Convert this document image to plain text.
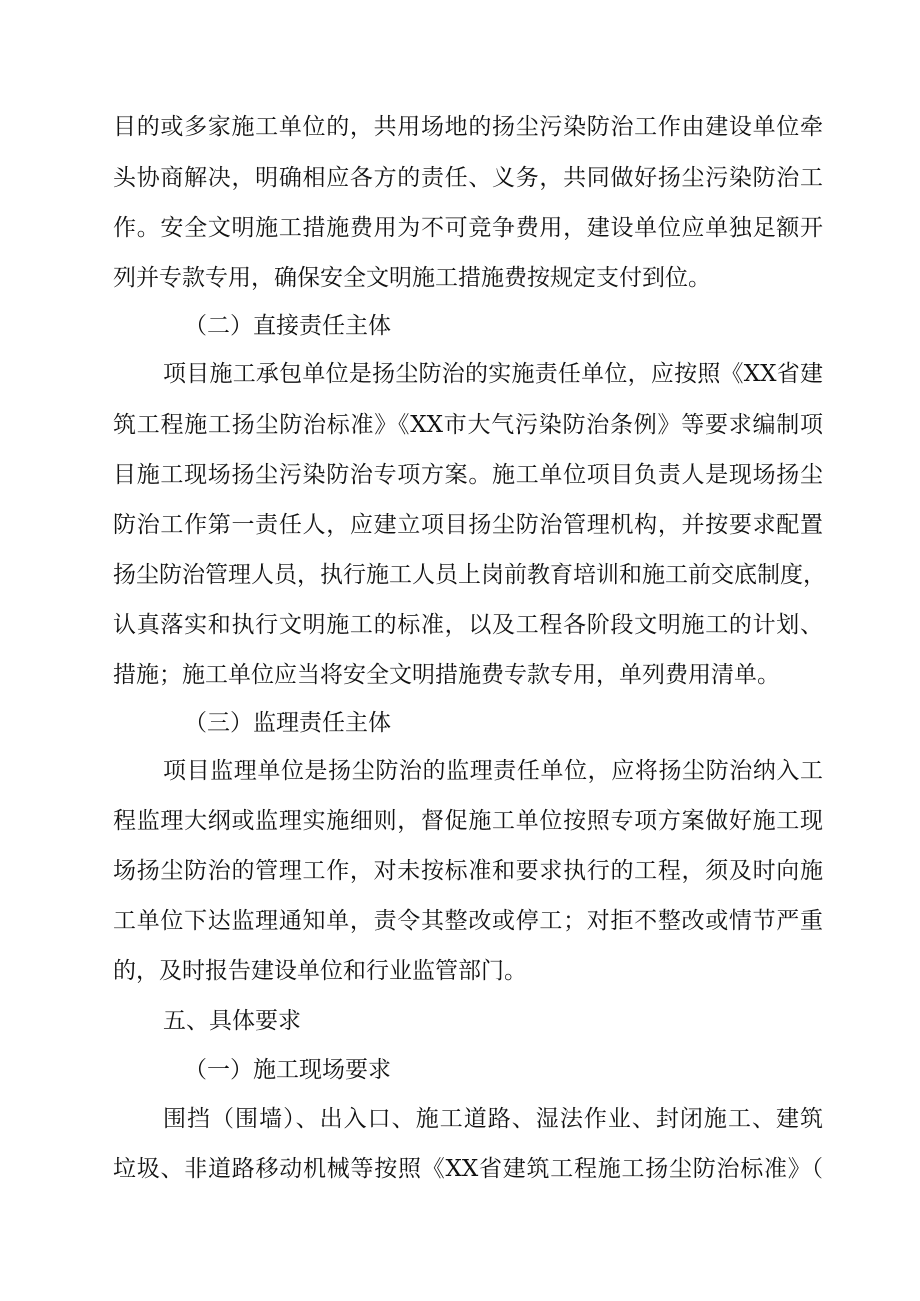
目的或多家施工单位的，共用场地的扬尘污染防治工作由建设单位牵
头协商解决，明确相应各方的责任、义务，共同做好扬尘污染防治工
作。安全文明施工措施费用为不可竞争费用，建设单位应单独足额开
列并专款专用，确保安全文明施工措施费按规定支付到位。
（二）直接责任主体
项目施工承包单位是扬尘防治的实施责任单位，应按照《XX省建
筑工程施工扬尘防治标准》《XX市大气污染防治条例》等要求编制项
目施工现场扬尘污染防治专项方案。施工单位项目负责人是现场扬尘
防治工作第一责任人，应建立项目扬尘防治管理机构，并按要求配置
扬尘防治管理人员，执行施工人员上岗前教育培训和施工前交底制度，
认真落实和执行文明施工的标准，以及工程各阶段文明施工的计划、
措施；施工单位应当将安全文明措施费专款专用，单列费用清单。
（三）监理责任主体
项目监理单位是扬尘防治的监理责任单位，应将扬尘防治纳入工
程监理大纲或监理实施细则，督促施工单位按照专项方案做好施工现
场扬尘防治的管理工作，对未按标准和要求执行的工程，须及时向施
工单位下达监理通知单，责令其整改或停工；对拒不整改或情节严重
的，及时报告建设单位和行业监管部门。
五、具体要求
（一）施工现场要求
围挡（围墙）、出入口、施工道路、湿法作业、封闭施工、建筑
垃圾、非道路移动机械等按照《XX省建筑工程施工扬尘防治标准》（
